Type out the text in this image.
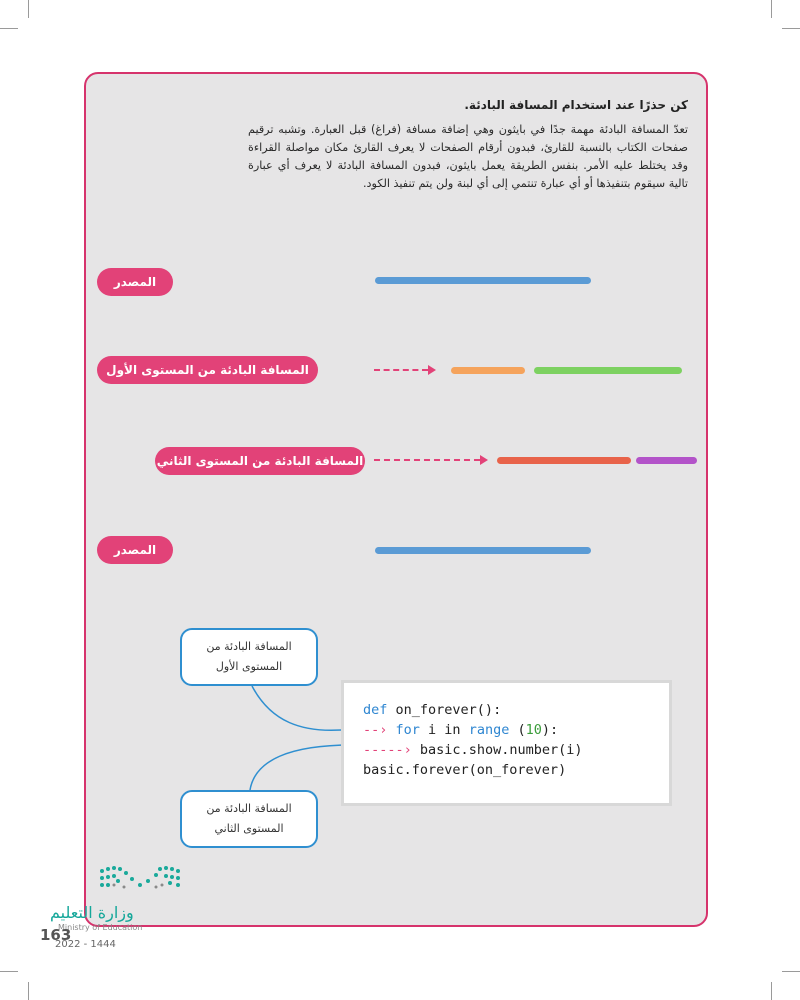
كن حذرًا عند استخدام المسافة البادئة.

تعدّ المسافة البادئة مهمة جدًا في بايثون وهي إضافة مسافة (فراغ) قبل العبارة. وتشبه ترقيم صفحات الكتاب بالنسبة للقارئ، فبدون أرقام الصفحات لا يعرف القارئ مكان مواصلة القراءة وقد يختلط عليه الأمر. بنفس الطريقة يعمل بايثون، فبدون المسافة البادئة لا يعرف أي عبارة تالية سيقوم بتنفيذها أو أي عبارة تنتمي إلى أي لبنة ولن يتم تنفيذ الكود.

المصدر
المسافة البادئة من المستوى الأول
المسافة البادئة من المستوى الثاني
المصدر
المسافة البادئة من
المستوى الأول
المسافة البادئة من
المستوى الثاني
def on_forever():
--› for i in range (10):
-----› basic.show.number(i)
basic.forever(on_forever)
وزارة التعليم
Ministry of Education
163
2022 - 1444
